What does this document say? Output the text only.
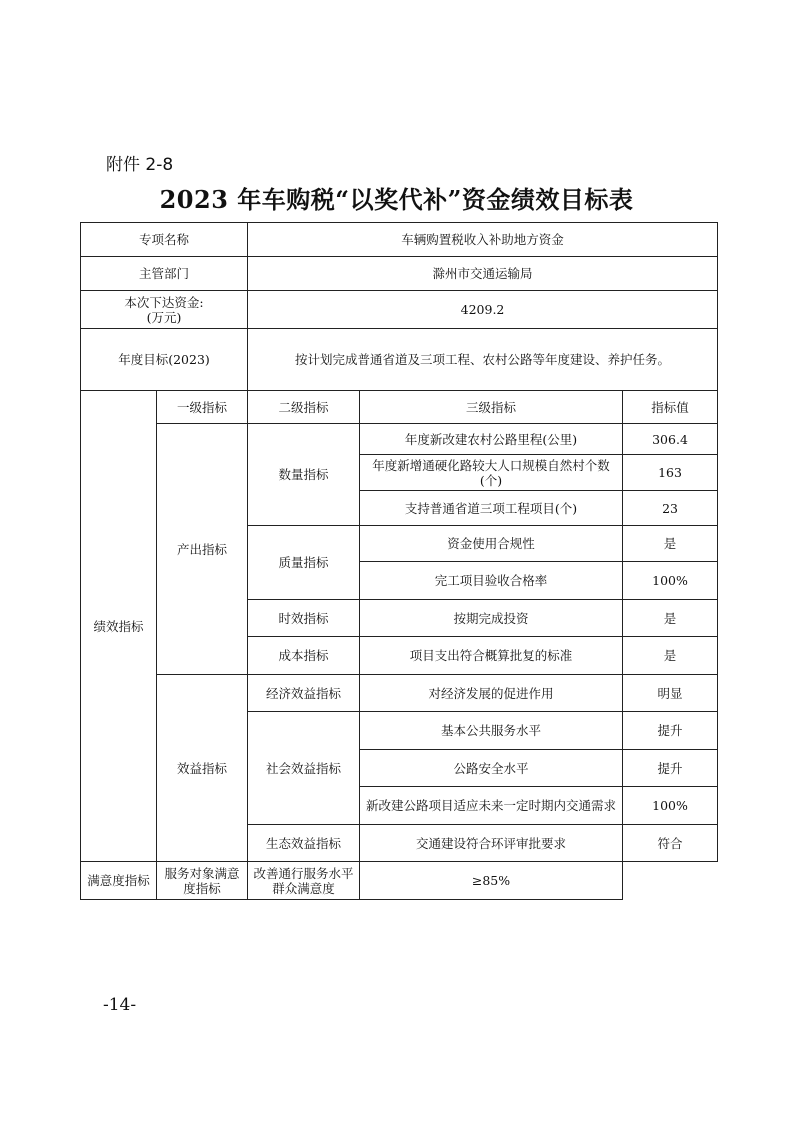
附件 2-8
2023 年车购税“以奖代补”资金绩效目标表
专项名称		车辆购置税收入补助地方资金		
主管部门		滁州市交通运输局		

本次下达资金:
(万元)		4209.2		
年度目标(2023)		按计划完成普通省道及三项工程、农村公路等年度建设、养护任务。		
绩效指标	一级指标	二级指标	三级指标	指标值
	产出指标	数量指标	年度新改建农村公路里程(公里)	306.4
			年度新增通硬化路较大人口规模自然村个数(个)	163
			支持普通省道三项工程项目(个)	23
		质量指标	资金使用合规性	是
			完工项目验收合格率	100%
		时效指标	按期完成投资	是
		成本指标	项目支出符合概算批复的标准	是
	效益指标	经济效益指标	对经济发展的促进作用	明显
		社会效益指标	基本公共服务水平	提升
			公路安全水平	提升
			新改建公路项目适应未来一定时期内交通需求	100%
		生态效益指标	交通建设符合环评审批要求	符合
满意度指标	服务对象满意度指标	改善通行服务水平群众满意度	≥85%	
-14-
